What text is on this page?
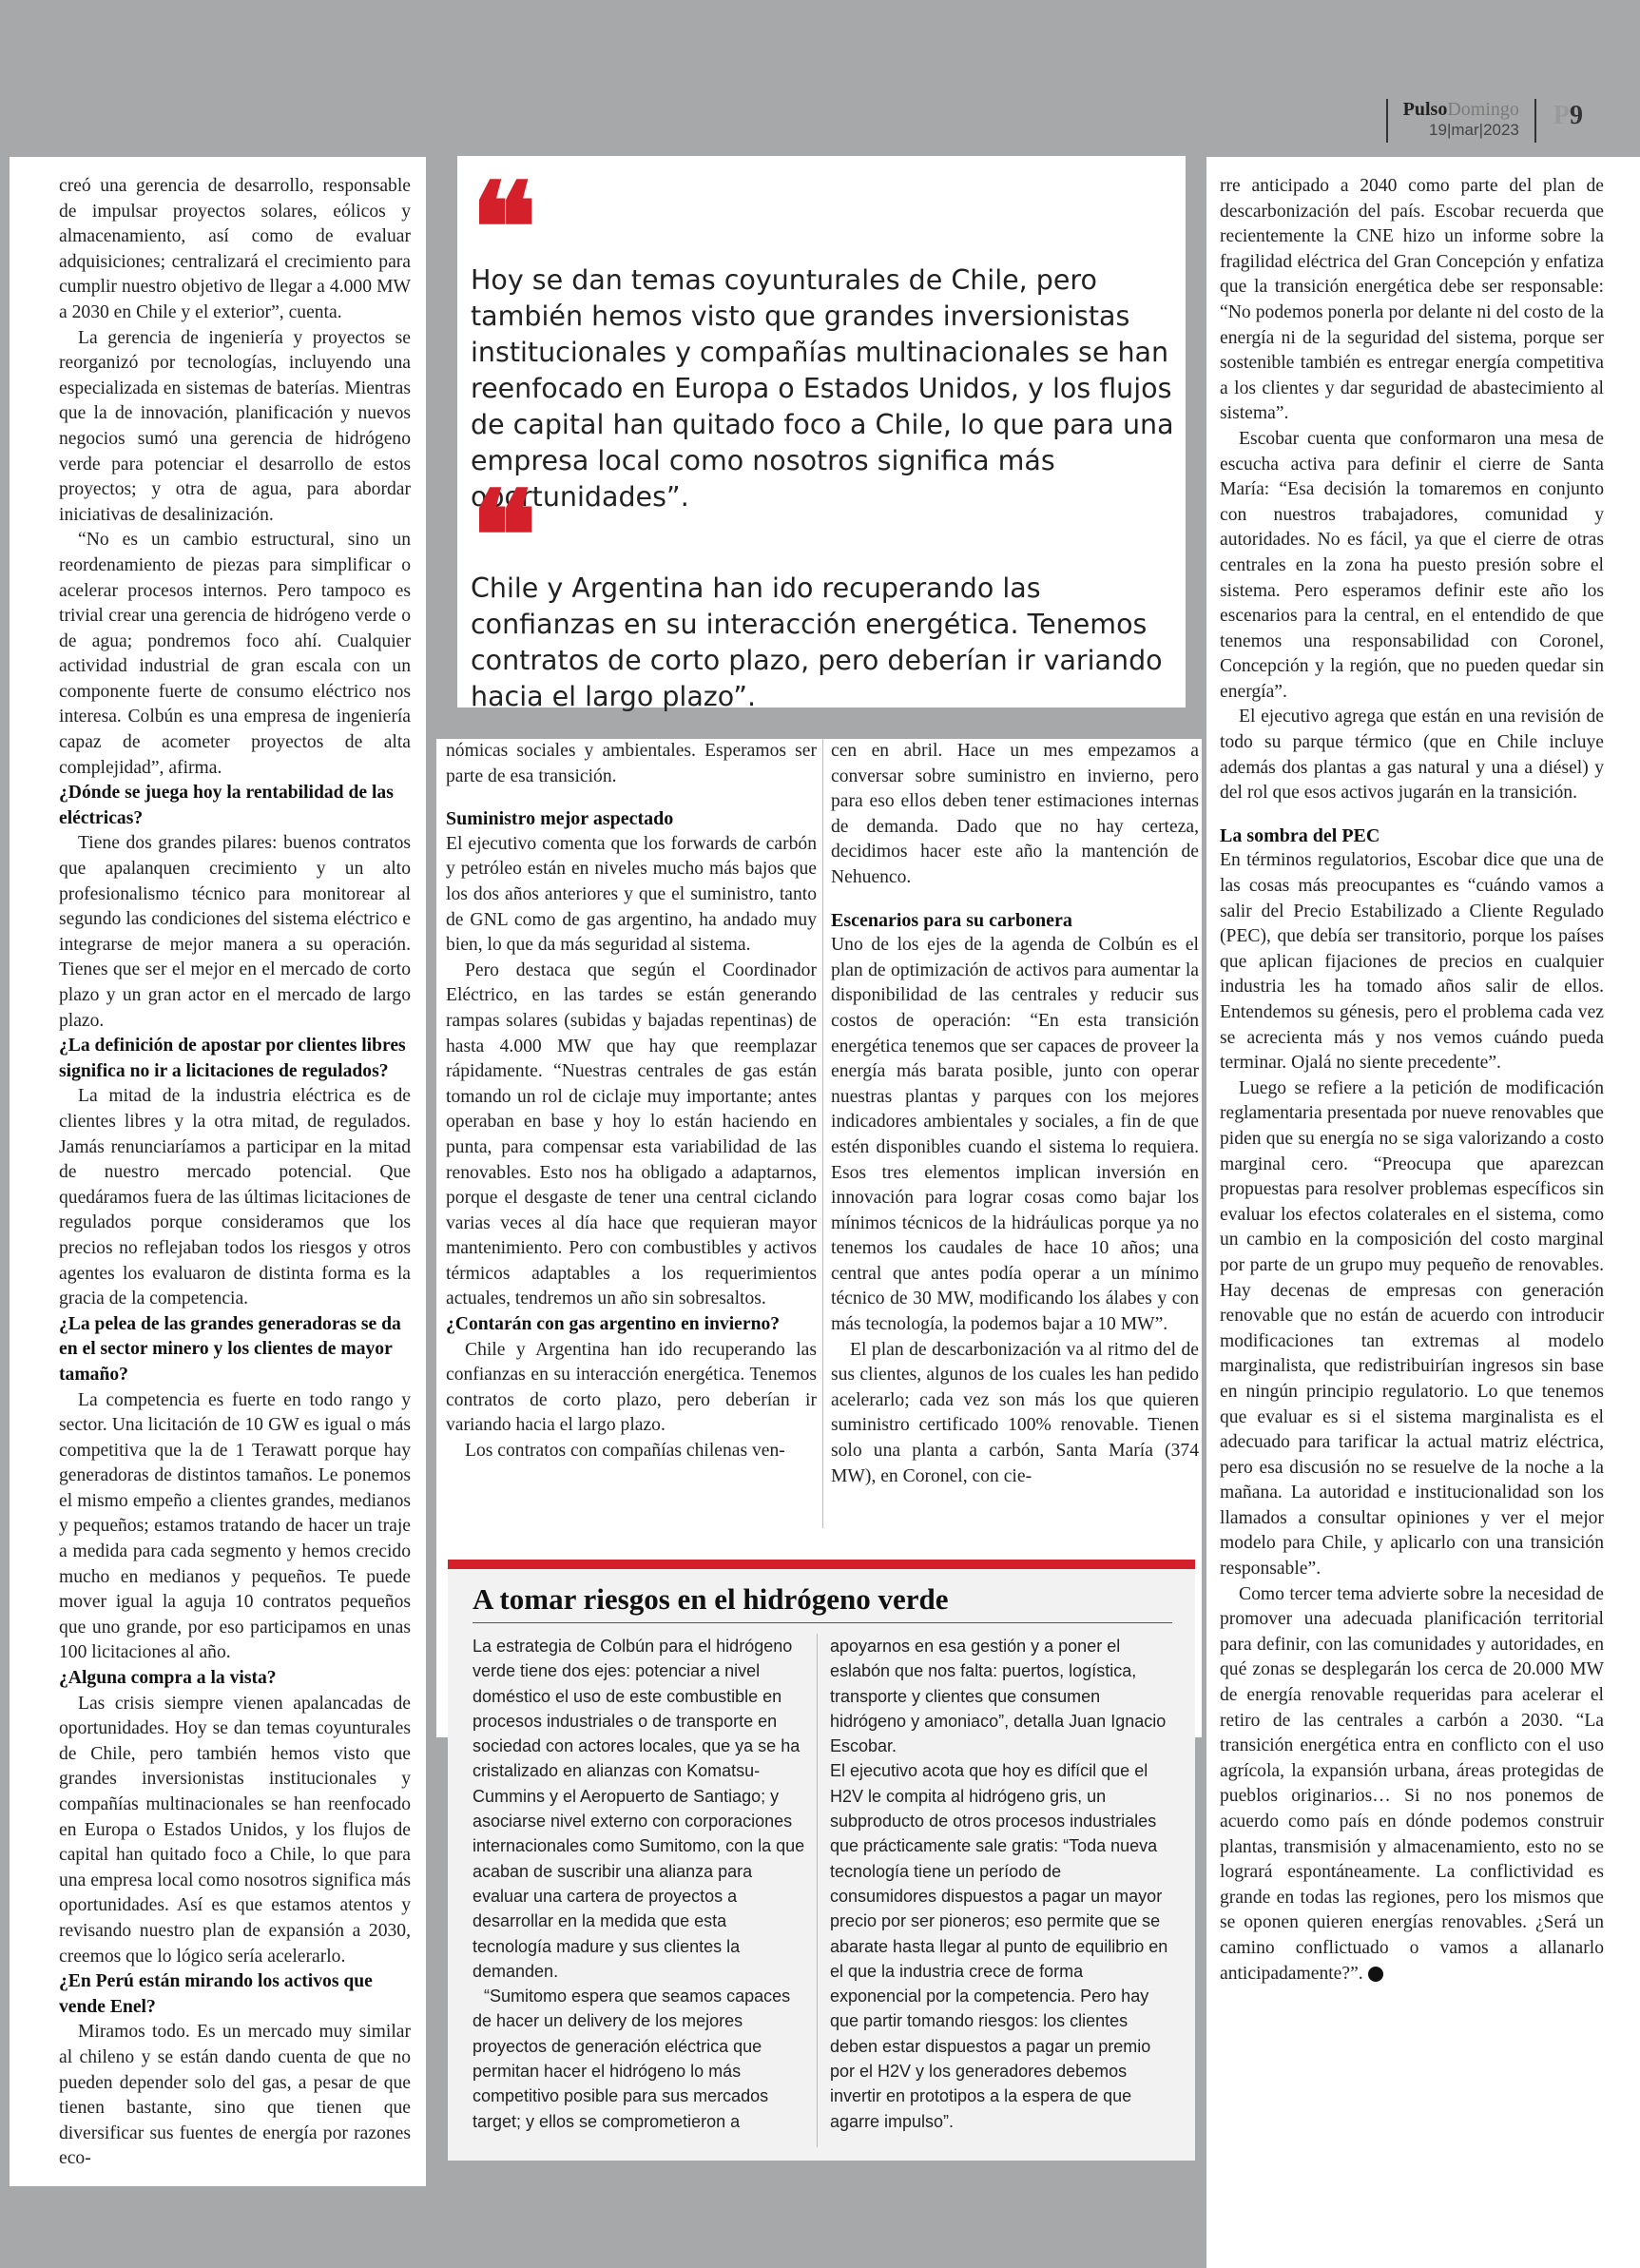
PulsoDomingo
19|mar|2023	P9

creó una gerencia de desarrollo, responsable de impulsar proyectos solares, eólicos y almacenamiento, así como de evaluar adquisiciones; centralizará el crecimiento para cumplir nuestro objetivo de llegar a 4.000 MW a 2030 en Chile y el exterior”, cuenta.

La gerencia de ingeniería y proyectos se reorganizó por tecnologías, incluyendo una especializada en sistemas de baterías. Mientras que la de innovación, planificación y nuevos negocios sumó una gerencia de hidrógeno verde para potenciar el desarrollo de estos proyectos; y otra de agua, para abordar iniciativas de desalinización.

“No es un cambio estructural, sino un reordenamiento de piezas para simplificar o acelerar procesos internos. Pero tampoco es trivial crear una gerencia de hidrógeno verde o de agua; pondremos foco ahí. Cualquier actividad industrial de gran escala con un componente fuerte de consumo eléctrico nos interesa. Colbún es una empresa de ingeniería capaz de acometer proyectos de alta complejidad”, afirma.

¿Dónde se juega hoy la rentabilidad de las eléctricas?

Tiene dos grandes pilares: buenos contratos que apalanquen crecimiento y un alto profesionalismo técnico para monitorear al segundo las condiciones del sistema eléctrico e integrarse de mejor manera a su operación. Tienes que ser el mejor en el mercado de corto plazo y un gran actor en el mercado de largo plazo.

¿La definición de apostar por clientes libres significa no ir a licitaciones de regulados?

La mitad de la industria eléctrica es de clientes libres y la otra mitad, de regulados. Jamás renunciaríamos a participar en la mitad de nuestro mercado potencial. Que quedáramos fuera de las últimas licitaciones de regulados porque consideramos que los precios no reflejaban todos los riesgos y otros agentes los evaluaron de distinta forma es la gracia de la competencia.

¿La pelea de las grandes generadoras se da en el sector minero y los clientes de mayor tamaño?

La competencia es fuerte en todo rango y sector. Una licitación de 10 GW es igual o más competitiva que la de 1 Terawatt porque hay generadoras de distintos tamaños. Le ponemos el mismo empeño a clientes grandes, medianos y pequeños; estamos tratando de hacer un traje a medida para cada segmento y hemos crecido mucho en medianos y pequeños. Te puede mover igual la aguja 10 contratos pequeños que uno grande, por eso participamos en unas 100 licitaciones al año.

¿Alguna compra a la vista?

Las crisis siempre vienen apalancadas de oportunidades. Hoy se dan temas coyunturales de Chile, pero también hemos visto que grandes inversionistas institucionales y compañías multinacionales se han reenfocado en Europa o Estados Unidos, y los flujos de capital han quitado foco a Chile, lo que para una empresa local como nosotros significa más oportunidades. Así es que estamos atentos y revisando nuestro plan de expansión a 2030, creemos que lo lógico sería acelerarlo.

¿En Perú están mirando los activos que vende Enel?

Miramos todo. Es un mercado muy similar al chileno y se están dando cuenta de que no pueden depender solo del gas, a pesar de que tienen bastante, sino que tienen que diversificar sus fuentes de energía por razones eco-

❝

Hoy se dan temas coyunturales de Chile, pero también hemos visto que grandes inversionistas institucionales y compañías multinacionales se han reenfocado en Europa o Estados Unidos, y los flujos de capital han quitado foco a Chile, lo que para una empresa local como nosotros significa más oportunidades”.

❝

Chile y Argentina han ido recuperando las confianzas en su interacción energética. Tenemos contratos de corto plazo, pero deberían ir variando hacia el largo plazo”.

nómicas sociales y ambientales. Esperamos ser parte de esa transición.

Suministro mejor aspectado

El ejecutivo comenta que los forwards de carbón y petróleo están en niveles mucho más bajos que los dos años anteriores y que el suministro, tanto de GNL como de gas argentino, ha andado muy bien, lo que da más seguridad al sistema.

Pero destaca que según el Coordinador Eléctrico, en las tardes se están generando rampas solares (subidas y bajadas repentinas) de hasta 4.000 MW que hay que reemplazar rápidamente. “Nuestras centrales de gas están tomando un rol de ciclaje muy importante; antes operaban en base y hoy lo están haciendo en punta, para compensar esta variabilidad de las renovables. Esto nos ha obligado a adaptarnos, porque el desgaste de tener una central ciclando varias veces al día hace que requieran mayor mantenimiento. Pero con combustibles y activos térmicos adaptables a los requerimientos actuales, tendremos un año sin sobresaltos.

¿Contarán con gas argentino en invierno?

Chile y Argentina han ido recuperando las confianzas en su interacción energética. Tenemos contratos de corto plazo, pero deberían ir variando hacia el largo plazo.

Los contratos con compañías chilenas ven-

cen en abril. Hace un mes empezamos a conversar sobre suministro en invierno, pero para eso ellos deben tener estimaciones internas de demanda. Dado que no hay certeza, decidimos hacer este año la mantención de Nehuenco.

Escenarios para su carbonera

Uno de los ejes de la agenda de Colbún es el plan de optimización de activos para aumentar la disponibilidad de las centrales y reducir sus costos de operación: “En esta transición energética tenemos que ser capaces de proveer la energía más barata posible, junto con operar nuestras plantas y parques con los mejores indicadores ambientales y sociales, a fin de que estén disponibles cuando el sistema lo requiera. Esos tres elementos implican inversión en innovación para lograr cosas como bajar los mínimos técnicos de la hidráulicas porque ya no tenemos los caudales de hace 10 años; una central que antes podía operar a un mínimo técnico de 30 MW, modificando los álabes y con más tecnología, la podemos bajar a 10 MW”.

El plan de descarbonización va al ritmo del de sus clientes, algunos de los cuales les han pedido acelerarlo; cada vez son más los que quieren suministro certificado 100% renovable. Tienen solo una planta a carbón, Santa María (374 MW), en Coronel, con cie-

rre anticipado a 2040 como parte del plan de descarbonización del país. Escobar recuerda que recientemente la CNE hizo un informe sobre la fragilidad eléctrica del Gran Concepción y enfatiza que la transición energética debe ser responsable: “No podemos ponerla por delante ni del costo de la energía ni de la seguridad del sistema, porque ser sostenible también es entregar energía competitiva a los clientes y dar seguridad de abastecimiento al sistema”.

Escobar cuenta que conformaron una mesa de escucha activa para definir el cierre de Santa María: “Esa decisión la tomaremos en conjunto con nuestros trabajadores, comunidad y autoridades. No es fácil, ya que el cierre de otras centrales en la zona ha puesto presión sobre el sistema. Pero esperamos definir este año los escenarios para la central, en el entendido de que tenemos una responsabilidad con Coronel, Concepción y la región, que no pueden quedar sin energía”.

El ejecutivo agrega que están en una revisión de todo su parque térmico (que en Chile incluye además dos plantas a gas natural y una a diésel) y del rol que esos activos jugarán en la transición.

La sombra del PEC

En términos regulatorios, Escobar dice que una de las cosas más preocupantes es “cuándo vamos a salir del Precio Estabilizado a Cliente Regulado (PEC), que debía ser transitorio, porque los países que aplican fijaciones de precios en cualquier industria les ha tomado años salir de ellos. Entendemos su génesis, pero el problema cada vez se acrecienta más y nos vemos cuándo pueda terminar. Ojalá no siente precedente”.

Luego se refiere a la petición de modificación reglamentaria presentada por nueve renovables que piden que su energía no se siga valorizando a costo marginal cero. “Preocupa que aparezcan propuestas para resolver problemas específicos sin evaluar los efectos colaterales en el sistema, como un cambio en la composición del costo marginal por parte de un grupo muy pequeño de renovables. Hay decenas de empresas con generación renovable que no están de acuerdo con introducir modificaciones tan extremas al modelo marginalista, que redistribuirían ingresos sin base en ningún principio regulatorio. Lo que tenemos que evaluar es si el sistema marginalista es el adecuado para tarificar la actual matriz eléctrica, pero esa discusión no se resuelve de la noche a la mañana. La autoridad e institucionalidad son los llamados a consultar opiniones y ver el mejor modelo para Chile, y aplicarlo con una transición responsable”.

Como tercer tema advierte sobre la necesidad de promover una adecuada planificación territorial para definir, con las comunidades y autoridades, en qué zonas se desplegarán los cerca de 20.000 MW de energía renovable requeridas para acelerar el retiro de las centrales a carbón a 2030. “La transición energética entra en conflicto con el uso agrícola, la expansión urbana, áreas protegidas de pueblos originarios… Si no nos ponemos de acuerdo como país en dónde podemos construir plantas, transmisión y almacenamiento, esto no se logrará espontáneamente. La conflictividad es grande en todas las regiones, pero los mismos que se oponen quieren energías renovables. ¿Será un camino conflictuado o vamos a allanarlo anticipadamente?”. P

A tomar riesgos en el hidrógeno verde

La estrategia de Colbún para el hidrógeno verde tiene dos ejes: potenciar a nivel doméstico el uso de este combustible en procesos industriales o de transporte en sociedad con actores locales, que ya se ha cristalizado en alianzas con Komatsu-Cummins y el Aeropuerto de Santiago; y asociarse nivel externo con corporaciones internacionales como Sumitomo, con la que acaban de suscribir una alianza para evaluar una cartera de proyectos a desarrollar en la medida que esta tecnología madure y sus clientes la demanden.

“Sumitomo espera que seamos capaces de hacer un delivery de los mejores proyectos de generación eléctrica que permitan hacer el hidrógeno lo más competitivo posible para sus mercados target; y ellos se comprometieron a

apoyarnos en esa gestión y a poner el eslabón que nos falta: puertos, logística, transporte y clientes que consumen hidrógeno y amoniaco”, detalla Juan Ignacio Escobar.

El ejecutivo acota que hoy es difícil que el H2V le compita al hidrógeno gris, un subproducto de otros procesos industriales que prácticamente sale gratis: “Toda nueva tecnología tiene un período de consumidores dispuestos a pagar un mayor precio por ser pioneros; eso permite que se abarate hasta llegar al punto de equilibrio en el que la industria crece de forma exponencial por la competencia. Pero hay que partir tomando riesgos: los clientes deben estar dispuestos a pagar un premio por el H2V y los generadores debemos invertir en prototipos a la espera de que agarre impulso”.
